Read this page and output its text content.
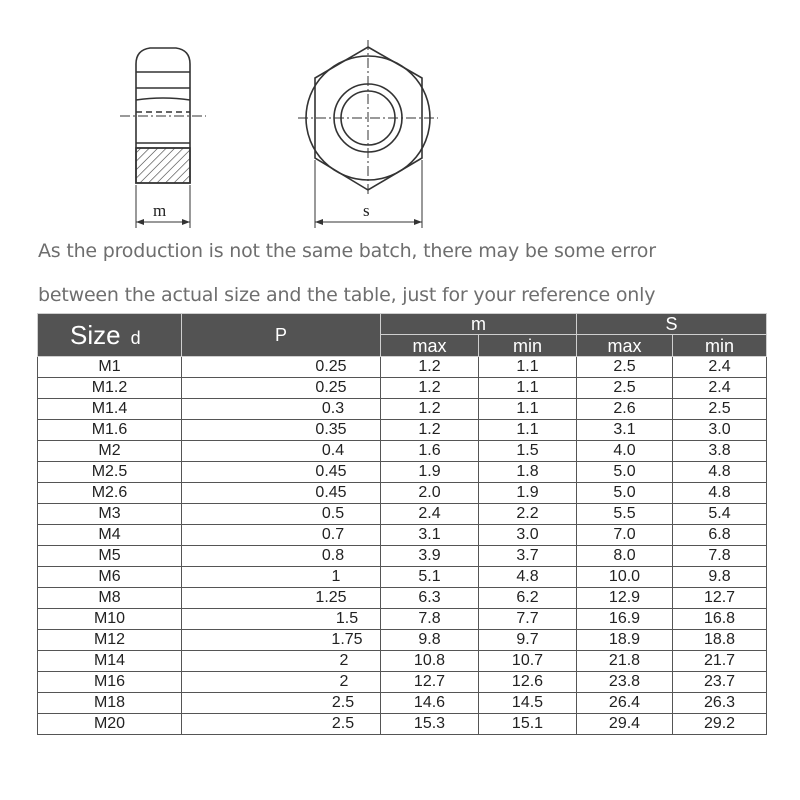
m	s
As the production is not the same batch, there may be some error
between the actual size and the table, just for your reference only
Size d	P	m		S	
		max	min	max	min
M1	0.25	1.2	1.1	2.5	2.4
M1.2	0.25	1.2	1.1	2.5	2.4
M1.4	0.3	1.2	1.1	2.6	2.5
M1.6	0.35	1.2	1.1	3.1	3.0
M2	0.4	1.6	1.5	4.0	3.8
M2.5	0.45	1.9	1.8	5.0	4.8
M2.6	0.45	2.0	1.9	5.0	4.8
M3	0.5	2.4	2.2	5.5	5.4
M4	0.7	3.1	3.0	7.0	6.8
M5	0.8	3.9	3.7	8.0	7.8
M6	1	5.1	4.8	10.0	9.8
M8	1.25	6.3	6.2	12.9	12.7
M10	1.5	7.8	7.7	16.9	16.8
M12	1.75	9.8	9.7	18.9	18.8
M14	2	10.8	10.7	21.8	21.7
M16	2	12.7	12.6	23.8	23.7
M18	2.5	14.6	14.5	26.4	26.3
M20	2.5	15.3	15.1	29.4	29.2
